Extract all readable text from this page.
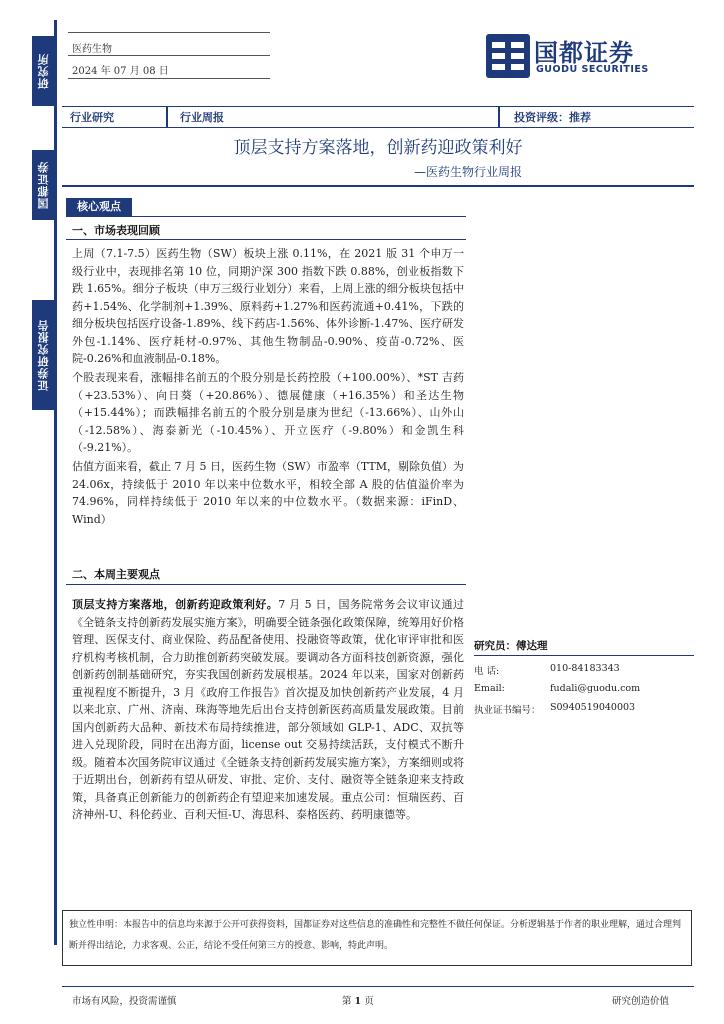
研究所
国都证券
证券研究报告
医药生物
2024 年 07 月 08 日
国都证券
GUODU SECURITIES
行业研究	行业周报	投资评级：推荐
顶层支持方案落地，创新药迎政策利好
—医药生物行业周报
核心观点
一、市场表现回顾

上周（7.1-7.5）医药生物（SW）板块上涨 0.11%，在 2021 版 31 个申万一级行业中，表现排名第 10 位，同期沪深 300 指数下跌 0.88%，创业板指数下跌 1.65%。细分子板块（申万三级行业划分）来看，上周上涨的细分板块包括中药+1.54%、化学制剂+1.39%、原料药+1.27%和医药流通+0.41%，下跌的细分板块包括医疗设备-1.89%、线下药店-1.56%、体外诊断-1.47%、医疗研发外包-1.14%、医疗耗材-0.97%、其他生物制品-0.90%、疫苗-0.72%、医院-0.26%和血液制品-0.18%。

个股表现来看，涨幅排名前五的个股分别是长药控股（+100.00%）、*ST 吉药（+23.53%）、向日葵（+20.86%）、德展健康（+16.35%）和圣达生物（+15.44%）；而跌幅排名前五的个股分别是康为世纪（-13.66%）、山外山（-12.58%）、海泰新光（-10.45%）、开立医疗（-9.80%）和金凯生科（-9.21%）。

估值方面来看，截止 7 月 5 日，医药生物（SW）市盈率（TTM，剔除负值）为 24.06x，持续低于 2010 年以来中位数水平，相较全部 A 股的估值溢价率为 74.96%，同样持续低于 2010 年以来的中位数水平。（数据来源：iFinD、Wind）

二、本周主要观点

顶层支持方案落地，创新药迎政策利好。7 月 5 日，国务院常务会议审议通过《全链条支持创新药发展实施方案》，明确要全链条强化政策保障，统筹用好价格管理、医保支付、商业保险、药品配备使用、投融资等政策，优化审评审批和医疗机构考核机制，合力助推创新药突破发展。要调动各方面科技创新资源，强化创新药创制基础研究，夯实我国创新药发展根基。2024 年以来，国家对创新药重视程度不断提升，3 月《政府工作报告》首次提及加快创新药产业发展，4 月以来北京、广州、济南、珠海等地先后出台支持创新医药高质量发展政策。目前国内创新药大品种、新技术布局持续推进，部分领域如 GLP-1、ADC、双抗等进入兑现阶段，同时在出海方面，license out 交易持续活跃，支付模式不断升级。随着本次国务院审议通过《全链条支持创新药发展实施方案》，方案细则或将于近期出台，创新药有望从研发、审批、定价、支付、融资等全链条迎来支持政策，具备真正创新能力的创新药企有望迎来加速发展。重点公司：恒瑞医药、百济神州-U、科伦药业、百利天恒-U、海思科、泰格医药、药明康德等。

研究员：傅达理
电 话:	010-84183343
Email:	fudali@guodu.com
执业证书编号： S0940519040003
独立性申明：本报告中的信息均来源于公开可获得资料，国都证券对这些信息的准确性和完整性不做任何保证。分析逻辑基于作者的职业理解，通过合理判断并得出结论，力求客观、公正，结论不受任何第三方的授意、影响，特此声明。
市场有风险，投资需谨慎	第 1 页	研究创造价值
